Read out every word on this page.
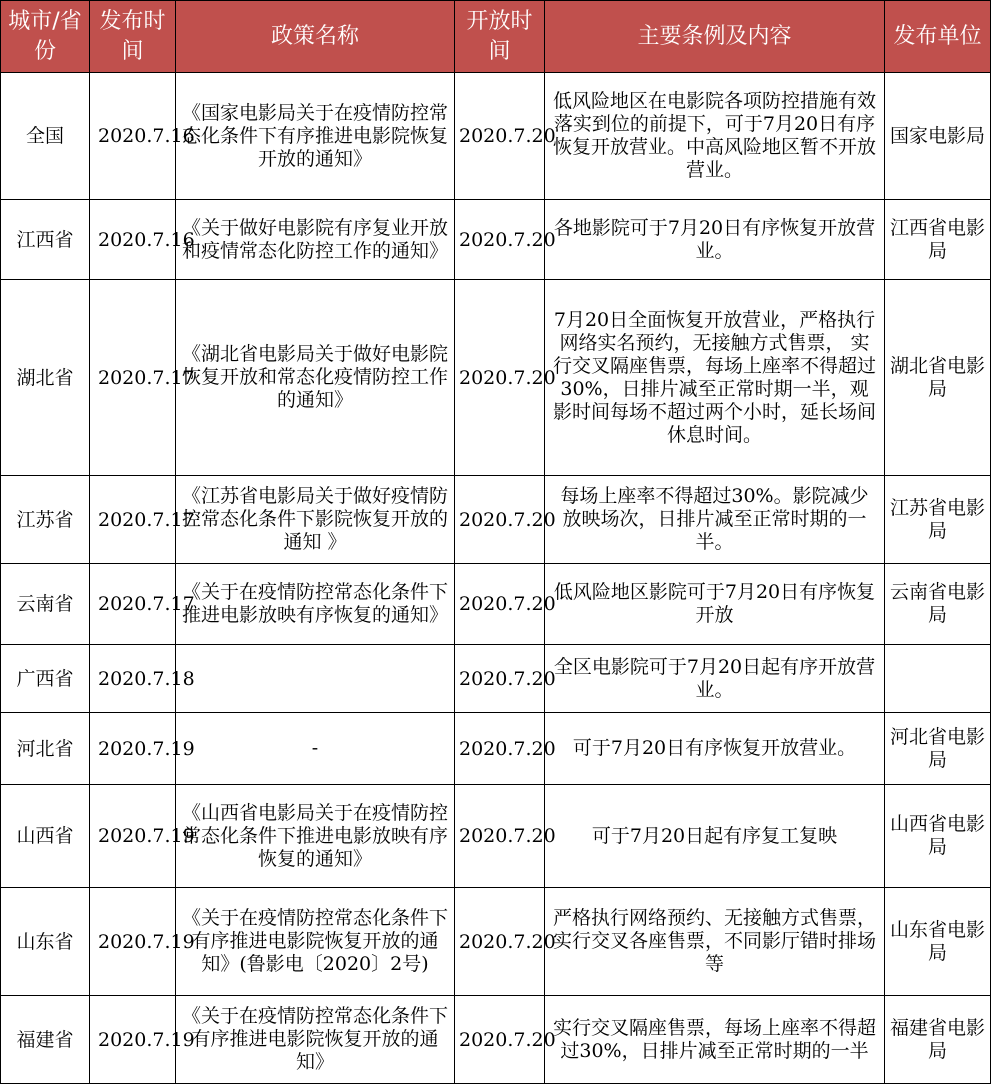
城市/省份	发布时间	政策名称	开放时间	主要条例及内容	发布单位
全国	2020.7.16	《国家电影局关于在疫情防控常态化条件下有序推进电影院恢复开放的通知》	2020.7.20	低风险地区在电影院各项防控措施有效落实到位的前提下，可于7月20日有序恢复开放营业。中高风险地区暂不开放营业。	国家电影局
江西省	2020.7.16	《关于做好电影院有序复业开放和疫情常态化防控工作的通知》	2020.7.20	各地影院可于7月20日有序恢复开放营业。	江西省电影局
湖北省	2020.7.17	《湖北省电影局关于做好电影院恢复开放和常态化疫情防控工作的通知》	2020.7.20	7月20日全面恢复开放营业，严格执行网络实名预约，无接触方式售票， 实行交叉隔座售票，每场上座率不得超过30%，日排片减至正常时期一半，观影时间每场不超过两个小时，延长场间休息时间。	湖北省电影局
江苏省	2020.7.17	《江苏省电影局关于做好疫情防控常态化条件下影院恢复开放的通知 》	2020.7.20	每场上座率不得超过30%。影院减少放映场次，日排片减至正常时期的一半。	江苏省电影局
云南省	2020.7.17	《关于在疫情防控常态化条件下推进电影放映有序恢复的通知》	2020.7.20	低风险地区影院可于7月20日有序恢复开放	云南省电影局
广西省	2020.7.18		2020.7.20	全区电影院可于7月20日起有序开放营业。	
河北省	2020.7.19	-	2020.7.20	可于7月20日有序恢复开放营业。	河北省电影局
山西省	2020.7.19	《山西省电影局关于在疫情防控常态化条件下推进电影放映有序恢复的通知》	2020.7.20	可于7月20日起有序复工复映	山西省电影局
山东省	2020.7.19	《关于在疫情防控常态化条件下有序推进电影院恢复开放的通知》(鲁影电〔2020〕2号)	2020.7.20	严格执行网络预约、无接触方式售票，实行交叉各座售票，不同影厅错时排场等	山东省电影局
福建省	2020.7.19	《关于在疫情防控常态化条件下有序推进电影院恢复开放的通知》	2020.7.20	实行交叉隔座售票，每场上座率不得超过30%，日排片减至正常时期的一半	福建省电影局
